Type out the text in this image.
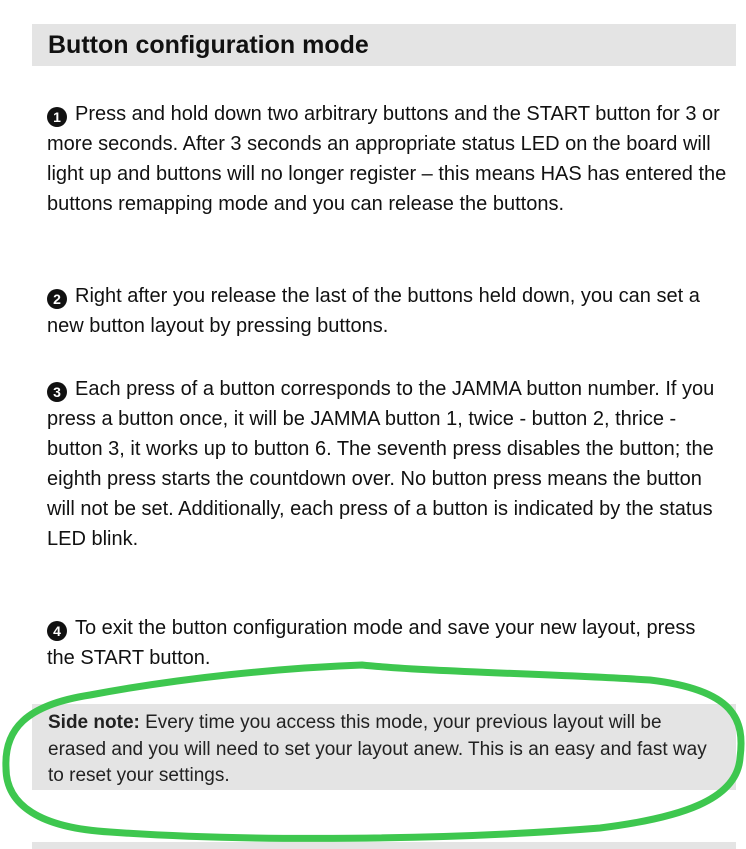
Button configuration mode

1 Press and hold down two arbitrary buttons and the START button for 3 or more seconds. After 3 seconds an appropriate status LED on the board will light up and buttons will no longer register – this means HAS has entered the buttons remapping mode and you can release the buttons.

2 Right after you release the last of the buttons held down, you can set a new button layout by pressing buttons.

3 Each press of a button corresponds to the JAMMA button number. If you press a button once, it will be JAMMA button 1, twice - button 2, thrice - button 3, it works up to button 6. The seventh press disables the button; the eighth press starts the countdown over. No button press means the button will not be set. Additionally, each press of a button is indicated by the status LED blink.

4 To exit the button configuration mode and save your new layout, press the START button.

Side note: Every time you access this mode, your previous layout will be erased and you will need to set your layout anew. This is an easy and fast way to reset your settings.
